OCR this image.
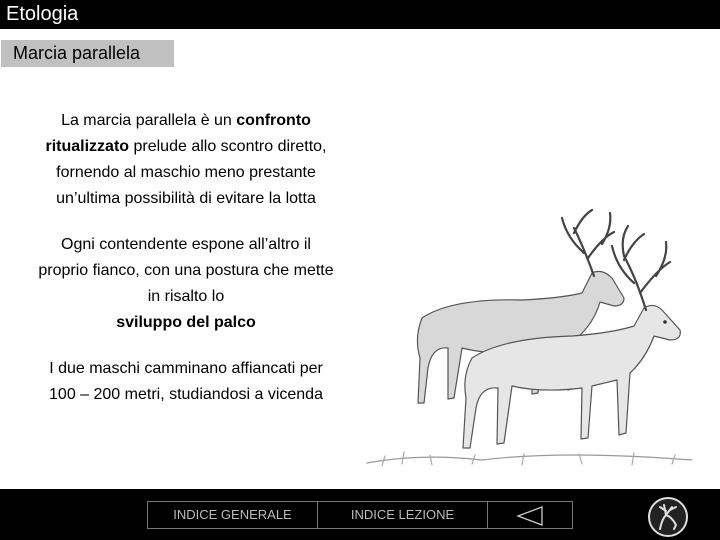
Etologia
Marcia parallela

La marcia parallela è un confronto ritualizzato prelude allo scontro diretto, fornendo al maschio meno prestante un’ultima possibilità di evitare la lotta

Ogni contendente espone all’altro il proprio fianco, con una postura che mette in risalto lo
sviluppo del palco

I due maschi camminano affiancati per 100 – 200 metri, studiandosi a vicenda

INDICE GENERALE	INDICE LEZIONE
